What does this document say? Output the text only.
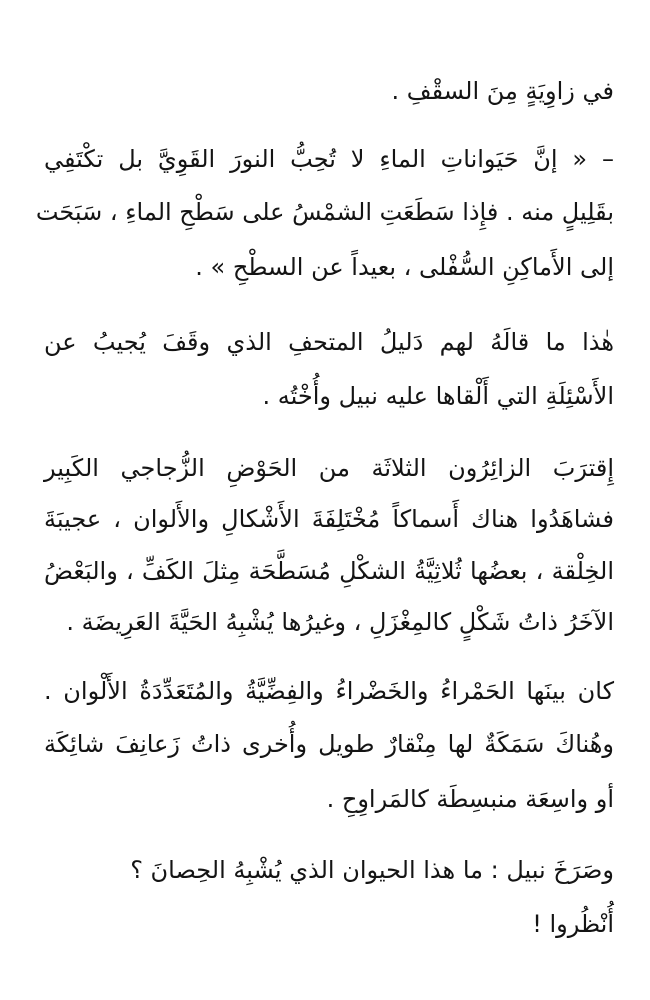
في زاوِيَةٍ مِنَ السقْفِ .
– « إنَّ حَيَواناتِ الماءِ لا تُحِبُّ النورَ القَوِيَّ بل تكْتَفِي
بقَلِيلٍ منه . فإِذا سَطَعَتِ الشمْسُ على سَطْحِ الماءِ ، سَبَحَت
إلى الأَماكِنِ السُّفْلى ، بعيداً عن السطْحِ » .
هٰذا ما قالَهُ لهم دَليلُ المتحفِ الذي وقَفَ يُجيبُ عن
الأَسْئِلَةِ التي أَلْقاها عليه نبيل وأُخْتُه .
إِقترَبَ الزائِرُون الثلاثَة من الحَوْضِ الزُّجاجي الكَبِير
فشاهَدُوا هناك أَسماكاً مُخْتَلِفَةَ الأَشْكالِ والأَلوان ، عجيبَةَ
الخِلْقة ، بعضُها ثُلاثِيَّةُ الشكْلِ مُسَطَّحَة مِثلَ الكَفِّ ، والبَعْضُ
الآخَرُ ذاتُ شَكْلٍ كالمِغْزَلِ ، وغيرُها يُشْبِهُ الحَيَّةَ العَرِيضَة .
كان بينَها الحَمْراءُ والخَضْراءُ والفِضِّيَّةُ والمُتَعَدِّدَةُ الأَلْوان .
وهُناكَ سَمَكَةٌ لها مِنْقارٌ طويل وأُخرى ذاتُ زَعانِفَ شائِكَة
أو واسِعَة منبسِطَة كالمَراوِحِ .
وصَرَخَ نبيل : ما هذا الحيوان الذي يُشْبِهُ الحِصانَ ؟
أُنْظُروا !
